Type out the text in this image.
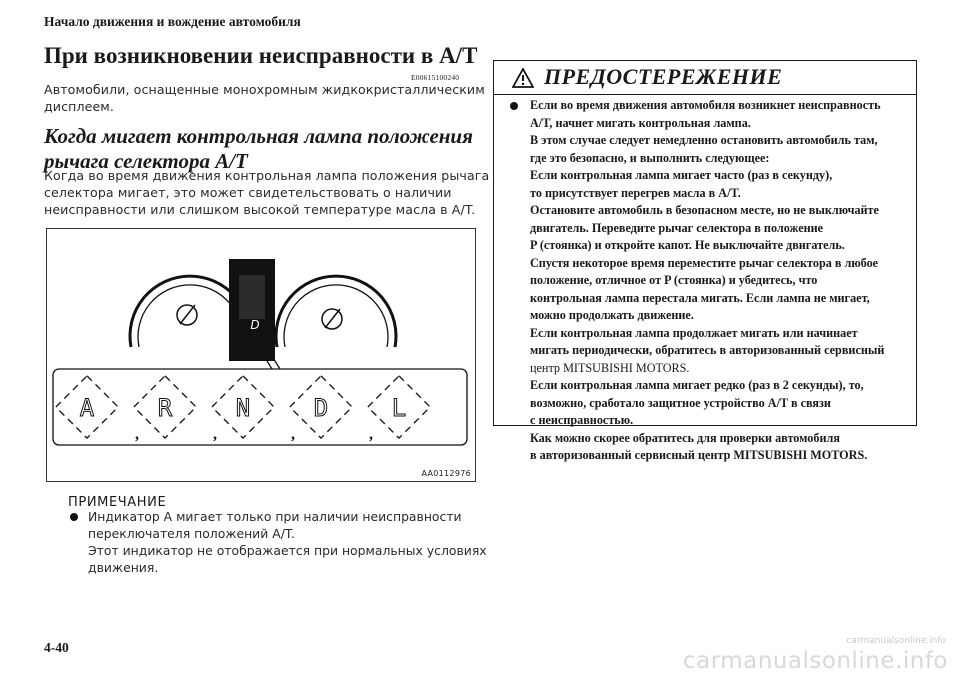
Начало движения и вождение автомобиля
При возникновении неисправности в A/T
E00615100240
Автомобили, оснащенные монохромным жидкокристаллическим
дисплеем.
Когда мигает контрольная лампа положения
рычага селектора A/T
Когда во время движения контрольная лампа положения рычага
селектора мигает, это может свидетельствовать о наличии
неисправности или слишком высокой температуре масла в A/T.
D
A
,
R
,
N
,
D
,
L
AA0112976
ПРИМЕЧАНИЕ
Индикатор A мигает только при наличии неисправности
переключателя положений A/T.
Этот индикатор не отображается при нормальных условиях
движения.
4-40
ПРЕДОСТЕРЕЖЕНИЕ
Если во время движения автомобиля возникнет неисправность
A/T, начнет мигать контрольная лампа.
В этом случае следует немедленно остановить автомобиль там,
где это безопасно, и выполнить следующее:
Если контрольная лампа мигает часто (раз в секунду),
то присутствует перегрев масла в A/T.
Остановите автомобиль в безопасном месте, но не выключайте
двигатель. Переведите рычаг селектора в положение
P (стоянка) и откройте капот. Не выключайте двигатель.
Спустя некоторое время переместите рычаг селектора в любое
положение, отличное от P (стоянка) и убедитесь, что
контрольная лампа перестала мигать. Если лампа не мигает,
можно продолжать движение.
Если контрольная лампа продолжает мигать или начинает
мигать периодически, обратитесь в авторизованный сервисный
центр MITSUBISHI MOTORS.
Если контрольная лампа мигает редко (раз в 2 секунды), то,
возможно, сработало защитное устройство A/T в связи
с неисправностью.
Как можно скорее обратитесь для проверки автомобиля
в авторизованный сервисный центр MITSUBISHI MOTORS.
carmanualsonline.info
carmanualsonline.info
